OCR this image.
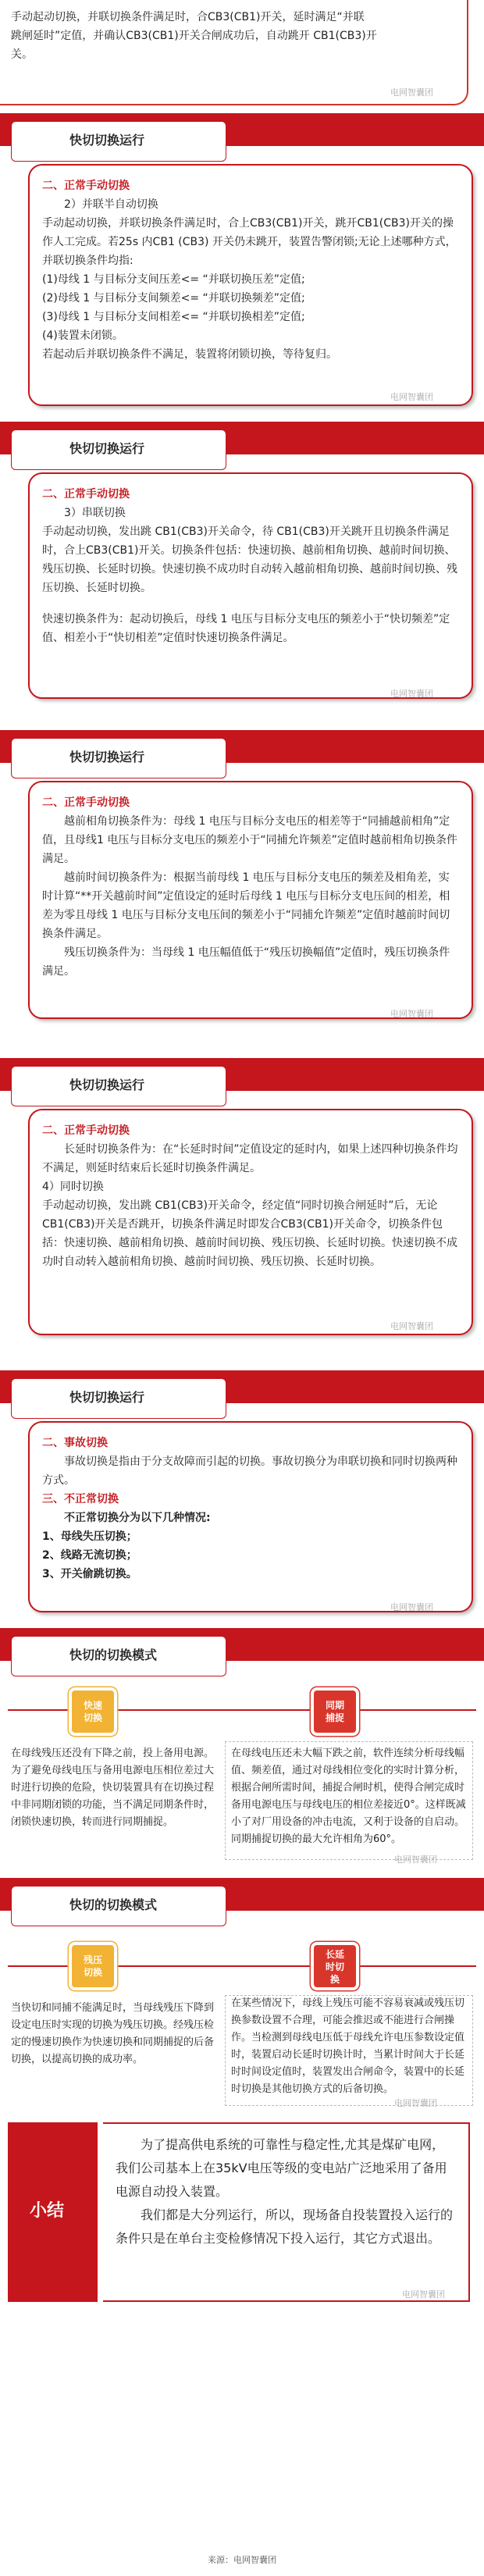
手动起动切换，并联切换条件满足时，合CB3(CB1)开关，延时满足“并联
跳闸延时”定值，并确认CB3(CB1)开关合闸成功后，自动跳开 CB1(CB3)开
关。
电网智囊团
快切切换运行

二、正常手动切换

2）并联半自动切换

手动起动切换，并联切换条件满足时，合上CB3(CB1)开关，跳开CB1(CB3)开关的操作人工完成。若25s 内CB1 (CB3) 开关仍未跳开，装置告警闭锁;无论上述哪种方式，并联切换条件均指:

(1)母线 1 与目标分支间压差<= “并联切换压差”定值;

(2)母线 1 与目标分支间频差<= “并联切换频差”定值;

(3)母线 1 与目标分支间相差<= “并联切换相差”定值;

(4)装置未闭锁。

若起动后并联切换条件不满足，装置将闭锁切换，等待复归。

电网智囊团
快切切换运行

二、正常手动切换

3）串联切换

手动起动切换，发出跳 CB1(CB3)开关命令，待 CB1(CB3)开关跳开且切换条件满足时，合上CB3(CB1)开关。切换条件包括：快速切换、越前相角切换、越前时间切换、残压切换、长延时切换。快速切换不成功时自动转入越前相角切换、越前时间切换、残压切换、长延时切换。

快速切换条件为：起动切换后，母线 1 电压与目标分支电压的频差小于“快切频差”定值、相差小于“快切相差”定值时快速切换条件满足。

电网智囊团
快切切换运行

二、正常手动切换

越前相角切换条件为：母线 1 电压与目标分支电压的相差等于“同捕越前相角”定值，且母线1 电压与目标分支电压的频差小于“同捕允许频差”定值时越前相角切换条件满足。

越前时间切换条件为：根据当前母线 1 电压与目标分支电压的频差及相角差，实时计算“**开关越前时间”定值设定的延时后母线 1 电压与目标分支电压间的相差，相差为零且母线 1 电压与目标分支电压间的频差小于“同捕允许频差”定值时越前时间切换条件满足。

残压切换条件为：当母线 1 电压幅值低于“残压切换幅值”定值时，残压切换条件满足。

电网智囊团
快切切换运行

二、正常手动切换

长延时切换条件为：在“长延时时间”定值设定的延时内，如果上述四种切换条件均不满足，则延时结束后长延时切换条件满足。

4）同时切换

手动起动切换，发出跳 CB1(CB3)开关命令，经定值“同时切换合闸延时”后，无论 CB1(CB3)开关是否跳开，切换条件满足时即发合CB3(CB1)开关命令，切换条件包括：快速切换、越前相角切换、越前时间切换、残压切换、长延时切换。快速切换不成功时自动转入越前相角切换、越前时间切换、残压切换、长延时切换。

电网智囊团
快切切换运行

二、事故切换

事故切换是指由于分支故障而引起的切换。事故切换分为串联切换和同时切换两种方式。

三、不正常切换

不正常切换分为以下几种情况:

1、母线失压切换；

2、线路无流切换；

3、开关偷跳切换。

电网智囊团
快切的切换模式
快速
切换
同期
捕捉
在母线残压还没有下降之前，投上备用电源。为了避免母线电压与备用电源电压相位差过大时进行切换的危险，快切装置具有在切换过程中非同期闭锁的功能，当不满足同期条件时，闭锁快速切换，转而进行同期捕捉。
在母线电压还未大幅下跌之前，软件连续分析母线幅值、频差值，通过对母线相位变化的实时计算分析，根据合闸所需时间，捕捉合闸时机，使得合闸完成时备用电源电压与母线电压的相位差接近0°。这样既减小了对厂用设备的冲击电流，又利于设备的自启动。同期捕捉切换的最大允许相角为60°。
电网智囊团
快切的切换模式
残压
切换
长延
时切
换
当快切和同捕不能满足时，当母线残压下降到设定电压时实现的切换为残压切换。经残压检定的慢速切换作为快速切换和同期捕捉的后备切换，以提高切换的成功率。
在某些情况下，母线上残压可能不容易衰减或残压切换参数设置不合理，可能会推迟或不能进行合闸操作。当检测到母线电压低于母线允许电压参数设定值时，装置启动长延时切换计时，当累计时间大于长延时时间设定值时，装置发出合闸命令，装置中的长延时切换是其他切换方式的后备切换。
电网智囊团
小结

为了提高供电系统的可靠性与稳定性,尤其是煤矿电网，我们公司基本上在35kV电压等级的变电站广泛地采用了备用电源自动投入装置。

我们都是大分列运行，所以，现场备自投装置投入运行的条件只是在单台主变检修情况下投入运行，其它方式退出。

电网智囊团
来源：电网智囊团
